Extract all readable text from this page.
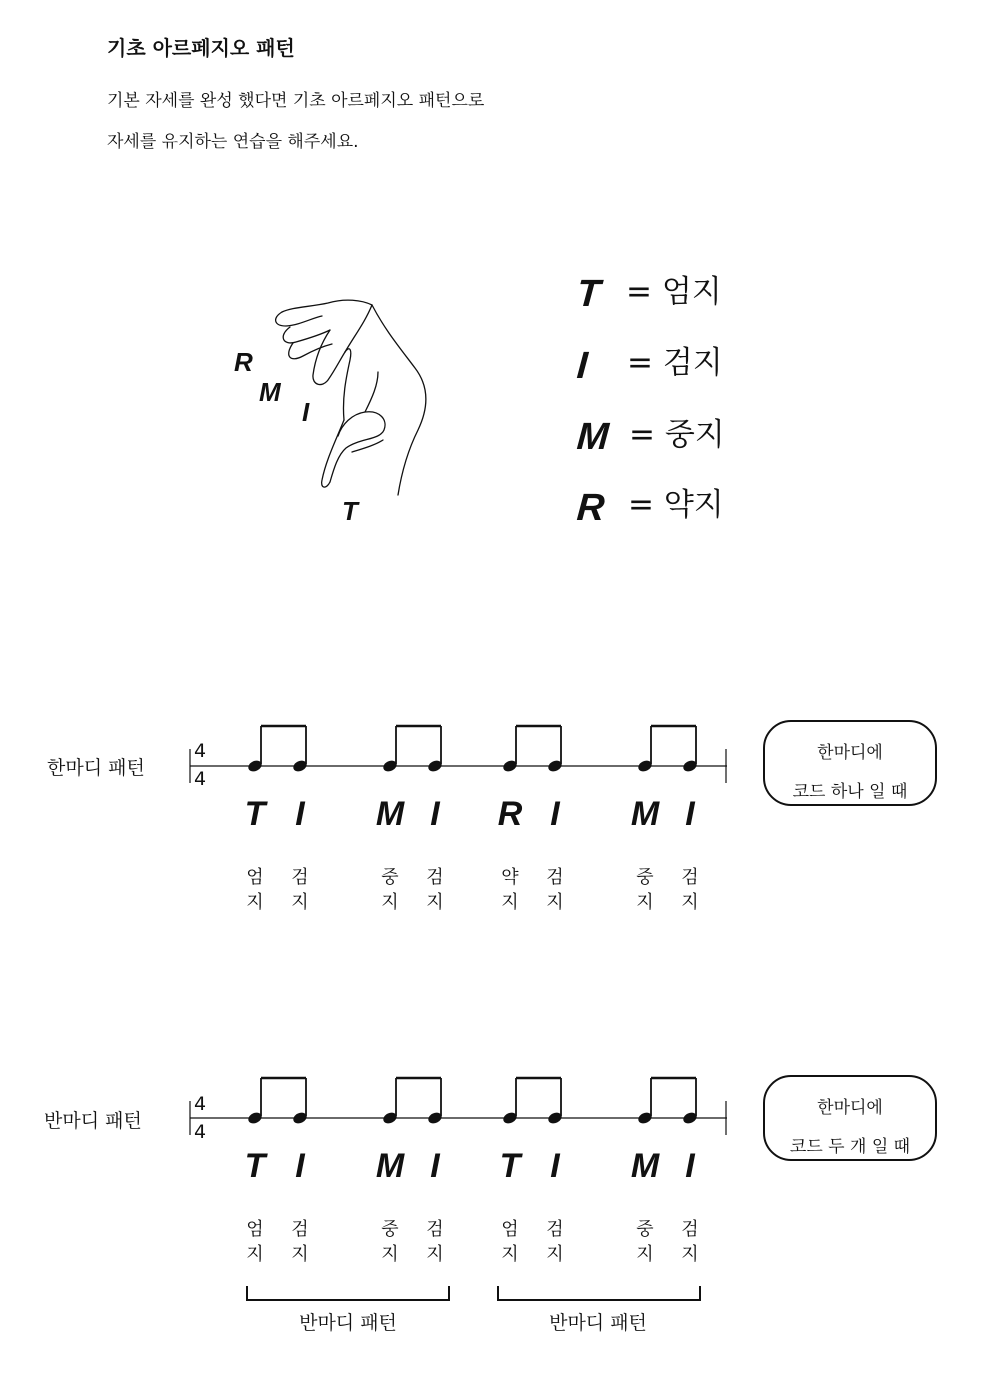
기초 아르페지오 패턴
기본 자세를 완성 했다면 기초 아르페지오 패턴으로
자세를 유지하는 연습을 해주세요.
R
M
I
T
T = 엄지
I = 검지
M = 중지
R = 약지
한마디 패턴
4
4
T I	M I	R I	M I
엄
지
검
지
중
지
검
지
약
지
검
지
중
지
검
지
한마디에
코드 하나 일 때
반마디 패턴
4
4
T I	M I	T I	M I
엄
지
검
지
중
지
검
지
엄
지
검
지
중
지
검
지
한마디에
코드 두 개 일 때
반마디 패턴	반마디 패턴
